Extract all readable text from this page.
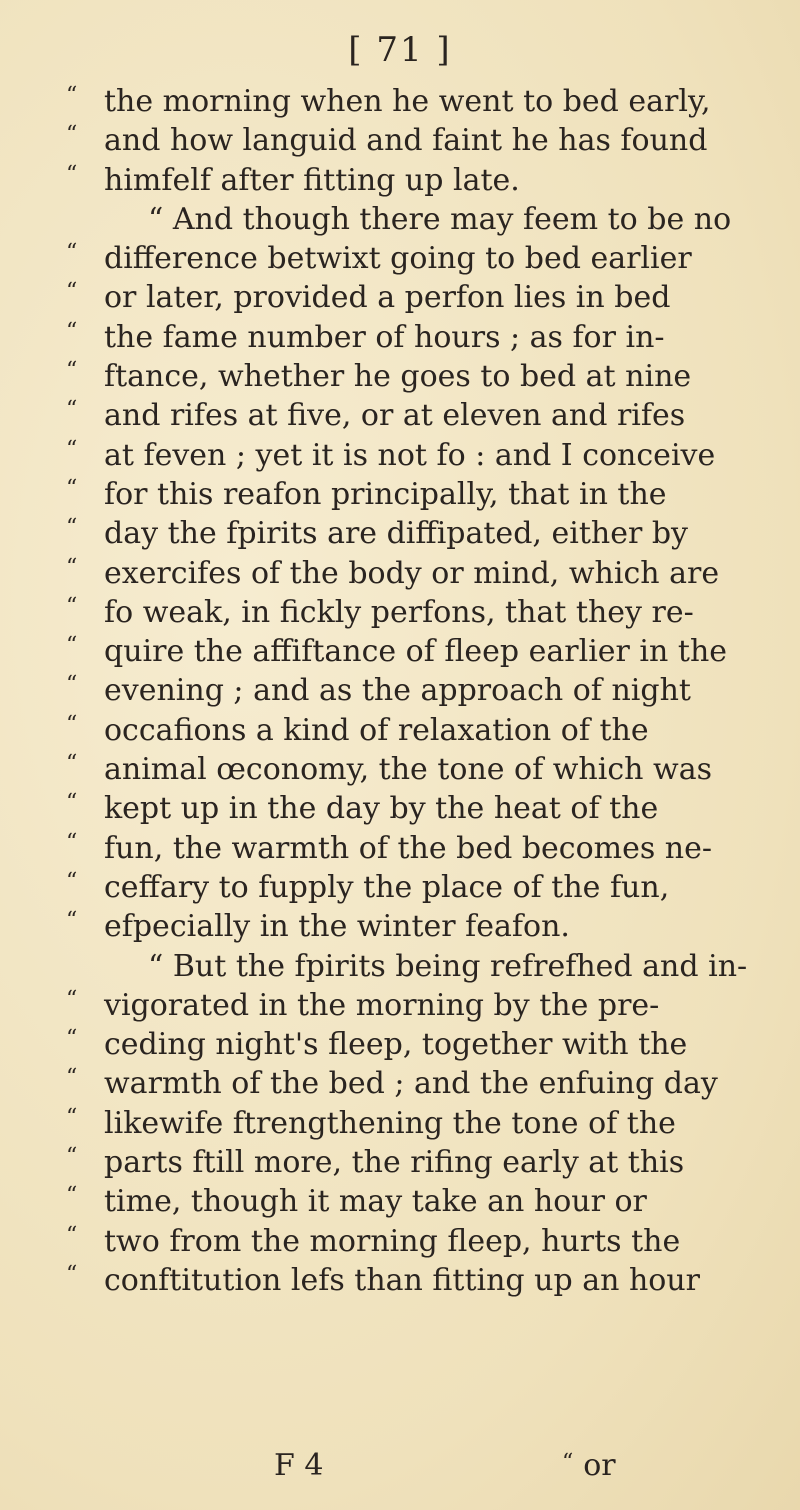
[ 71 ]
“ the morning when he went to bed early,
“ and how languid and faint he has found
“ himfelf after fitting up late.
“ And though there may feem to be no
“ difference betwixt going to bed earlier
“ or later, provided a perfon lies in bed
“ the fame number of hours ; as for in-
“ ftance, whether he goes to bed at nine
“ and rifes at five, or at eleven and rifes
“ at feven ; yet it is not fo : and I conceive
“ for this reafon principally, that in the
“ day the fpirits are diffipated, either by
“ exercifes of the body or mind, which are
“ fo weak, in fickly perfons, that they re-
“ quire the affiftance of fleep earlier in the
“ evening ; and as the approach of night
“ occafions a kind of relaxation of the
“ animal œconomy, the tone of which was
“ kept up in the day by the heat of the
“ fun, the warmth of the bed becomes ne-
“ ceffary to fupply the place of the fun,
“ efpecially in the winter feafon.
“ But the fpirits being refrefhed and in-
“ vigorated in the morning by the pre-
“ ceding night's fleep, together with the
“ warmth of the bed ; and the enfuing day
“ likewife ftrengthening the tone of the
“ parts ftill more, the rifing early at this
“ time, though it may take an hour or
“ two from the morning fleep, hurts the
“ conftitution lefs than fitting up an hour
F 4	“ or
